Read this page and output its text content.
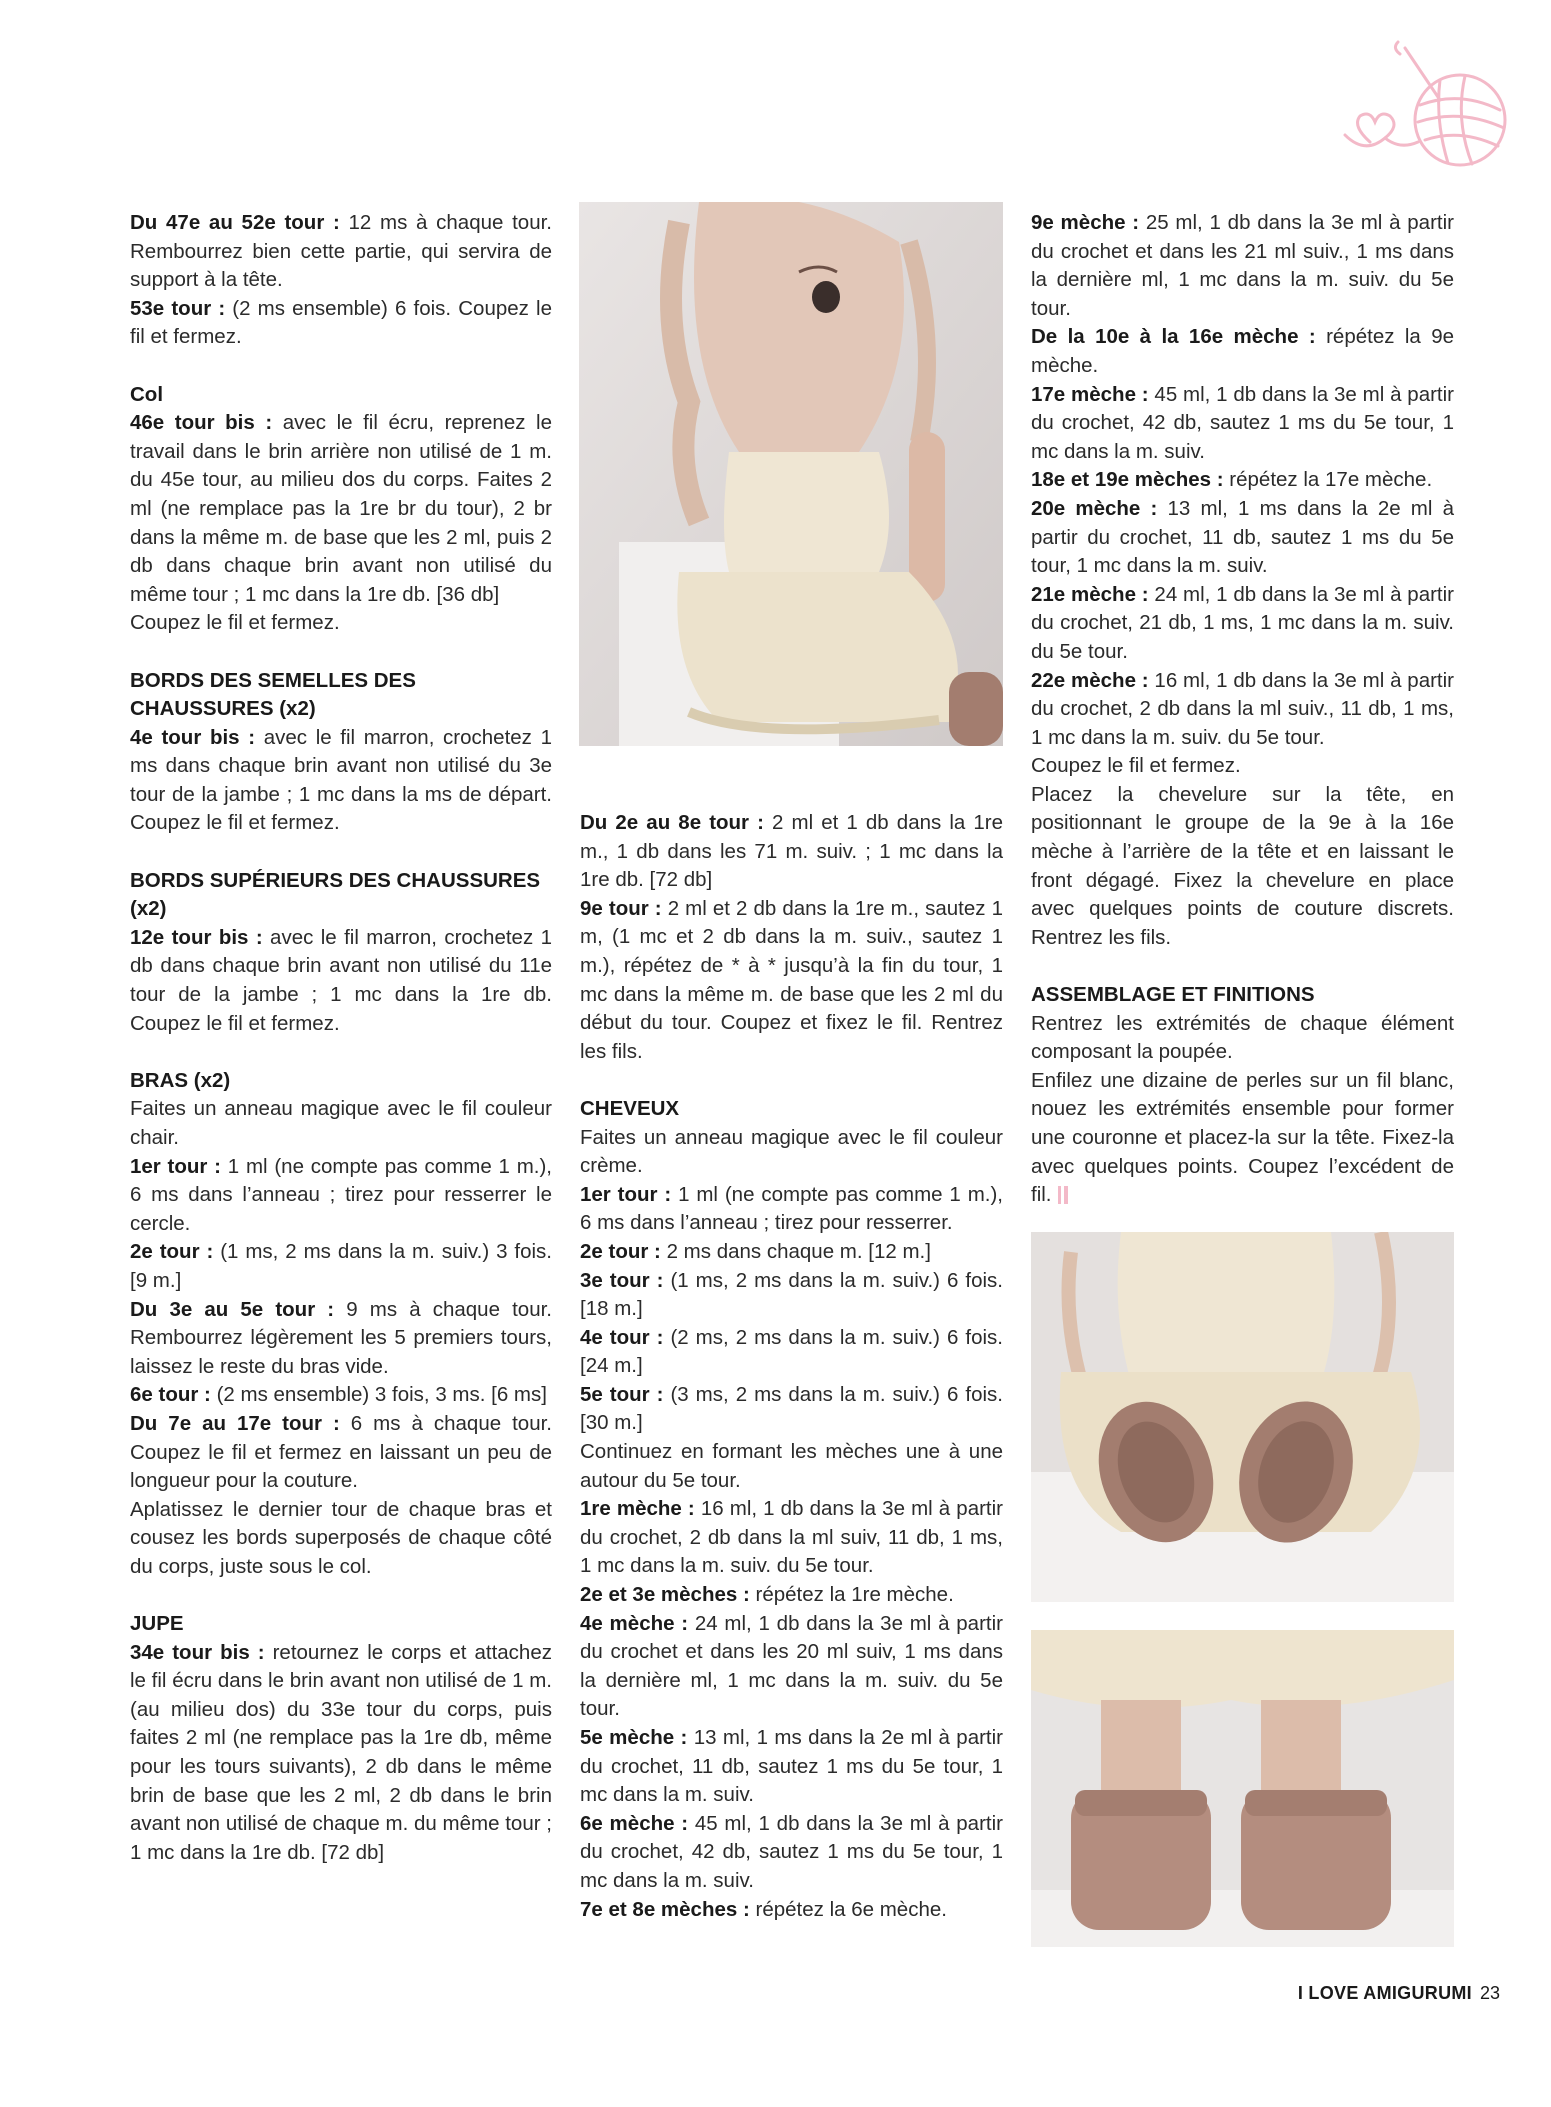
Du 47e au 52e tour : 12 ms à chaque tour. Rembourrez bien cette partie, qui servira de support à la tête.

53e tour : (2 ms ensemble) 6 fois. Coupez le fil et fermez.

Col

46e tour bis : avec le fil écru, reprenez le travail dans le brin arrière non utilisé de 1 m. du 45e tour, au milieu dos du corps. Faites 2 ml (ne remplace pas la 1re br du tour), 2 br dans la même m. de base que les 2 ml, puis 2 db dans chaque brin avant non utilisé du même tour ; 1 mc dans la 1re db. [36 db]

Coupez le fil et fermez.

BORDS DES SEMELLES DES CHAUSSURES (x2)

4e tour bis : avec le fil marron, crochetez 1 ms dans chaque brin avant non utilisé du 3e tour de la jambe ; 1 mc dans la ms de départ. Coupez le fil et fermez.

BORDS SUPÉRIEURS DES CHAUSSURES (x2)

12e tour bis : avec le fil marron, crochetez 1 db dans chaque brin avant non utilisé du 11e tour de la jambe ; 1 mc dans la 1re db. Coupez le fil et fermez.

BRAS (x2)

Faites un anneau magique avec le fil couleur chair.

1er tour : 1 ml (ne compte pas comme 1 m.), 6 ms dans l’anneau ; tirez pour resserrer le cercle.

2e tour : (1 ms, 2 ms dans la m. suiv.) 3 fois. [9 m.]

Du 3e au 5e tour : 9 ms à chaque tour. Rembourrez légèrement les 5 premiers tours, laissez le reste du bras vide.

6e tour : (2 ms ensemble) 3 fois, 3 ms. [6 ms]

Du 7e au 17e tour : 6 ms à chaque tour. Coupez le fil et fermez en laissant un peu de longueur pour la couture.

Aplatissez le dernier tour de chaque bras et cousez les bords superposés de chaque côté du corps, juste sous le col.

JUPE

34e tour bis : retournez le corps et attachez le fil écru dans le brin avant non utilisé de 1 m. (au milieu dos) du 33e tour du corps, puis faites 2 ml (ne remplace pas la 1re db, même pour les tours suivants), 2 db dans le même brin de base que les 2 ml, 2 db dans le brin avant non utilisé de chaque m. du même tour ; 1 mc dans la 1re db. [72 db]

Du 2e au 8e tour : 2 ml et 1 db dans la 1re m., 1 db dans les 71 m. suiv. ; 1 mc dans la 1re db. [72 db]

9e tour : 2 ml et 2 db dans la 1re m., sautez 1 m, (1 mc et 2 db dans la m. suiv., sautez 1 m.), répétez de * à * jusqu’à la fin du tour, 1 mc dans la même m. de base que les 2 ml du début du tour. Coupez et fixez le fil. Rentrez les fils.

CHEVEUX

Faites un anneau magique avec le fil couleur crème.

1er tour : 1 ml (ne compte pas comme 1 m.), 6 ms dans l’anneau ; tirez pour resserrer.

2e tour : 2 ms dans chaque m. [12 m.]

3e tour : (1 ms, 2 ms dans la m. suiv.) 6 fois. [18 m.]

4e tour : (2 ms, 2 ms dans la m. suiv.) 6 fois. [24 m.]

5e tour : (3 ms, 2 ms dans la m. suiv.) 6 fois. [30 m.]

Continuez en formant les mèches une à une autour du 5e tour.

1re mèche : 16 ml, 1 db dans la 3e ml à partir du crochet, 2 db dans la ml suiv, 11 db, 1 ms, 1 mc dans la m. suiv. du 5e tour.

2e et 3e mèches : répétez la 1re mèche.

4e mèche : 24 ml, 1 db dans la 3e ml à partir du crochet et dans les 20 ml suiv, 1 ms dans la dernière ml, 1 mc dans la m. suiv. du 5e tour.

5e mèche : 13 ml, 1 ms dans la 2e ml à partir du crochet, 11 db, sautez 1 ms du 5e tour, 1 mc dans la m. suiv.

6e mèche : 45 ml, 1 db dans la 3e ml à partir du crochet, 42 db, sautez 1 ms du 5e tour, 1 mc dans la m. suiv.

7e et 8e mèches : répétez la 6e mèche.

9e mèche : 25 ml, 1 db dans la 3e ml à partir du crochet et dans les 21 ml suiv., 1 ms dans la dernière ml, 1 mc dans la m. suiv. du 5e tour.

De la 10e à la 16e mèche : répétez la 9e mèche.

17e mèche : 45 ml, 1 db dans la 3e ml à partir du crochet, 42 db, sautez 1 ms du 5e tour, 1 mc dans la m. suiv.

18e et 19e mèches : répétez la 17e mèche.

20e mèche : 13 ml, 1 ms dans la 2e ml à partir du crochet, 11 db, sautez 1 ms du 5e tour, 1 mc dans la m. suiv.

21e mèche : 24 ml, 1 db dans la 3e ml à partir du crochet, 21 db, 1 ms, 1 mc dans la m. suiv. du 5e tour.

22e mèche : 16 ml, 1 db dans la 3e ml à partir du crochet, 2 db dans la ml suiv., 11 db, 1 ms, 1 mc dans la m. suiv. du 5e tour.

Coupez le fil et fermez.

Placez la chevelure sur la tête, en positionnant le groupe de la 9e à la 16e mèche à l’arrière de la tête et en laissant le front dégagé. Fixez la chevelure en place avec quelques points de couture discrets. Rentrez les fils.

ASSEMBLAGE ET FINITIONS

Rentrez les extrémités de chaque élément composant la poupée.

Enfilez une dizaine de perles sur un fil blanc, nouez les extrémités ensemble pour former une couronne et placez-la sur la tête. Fixez-la avec quelques points. Coupez l’excédent de fil.

I LOVE AMIGURUMI 23
